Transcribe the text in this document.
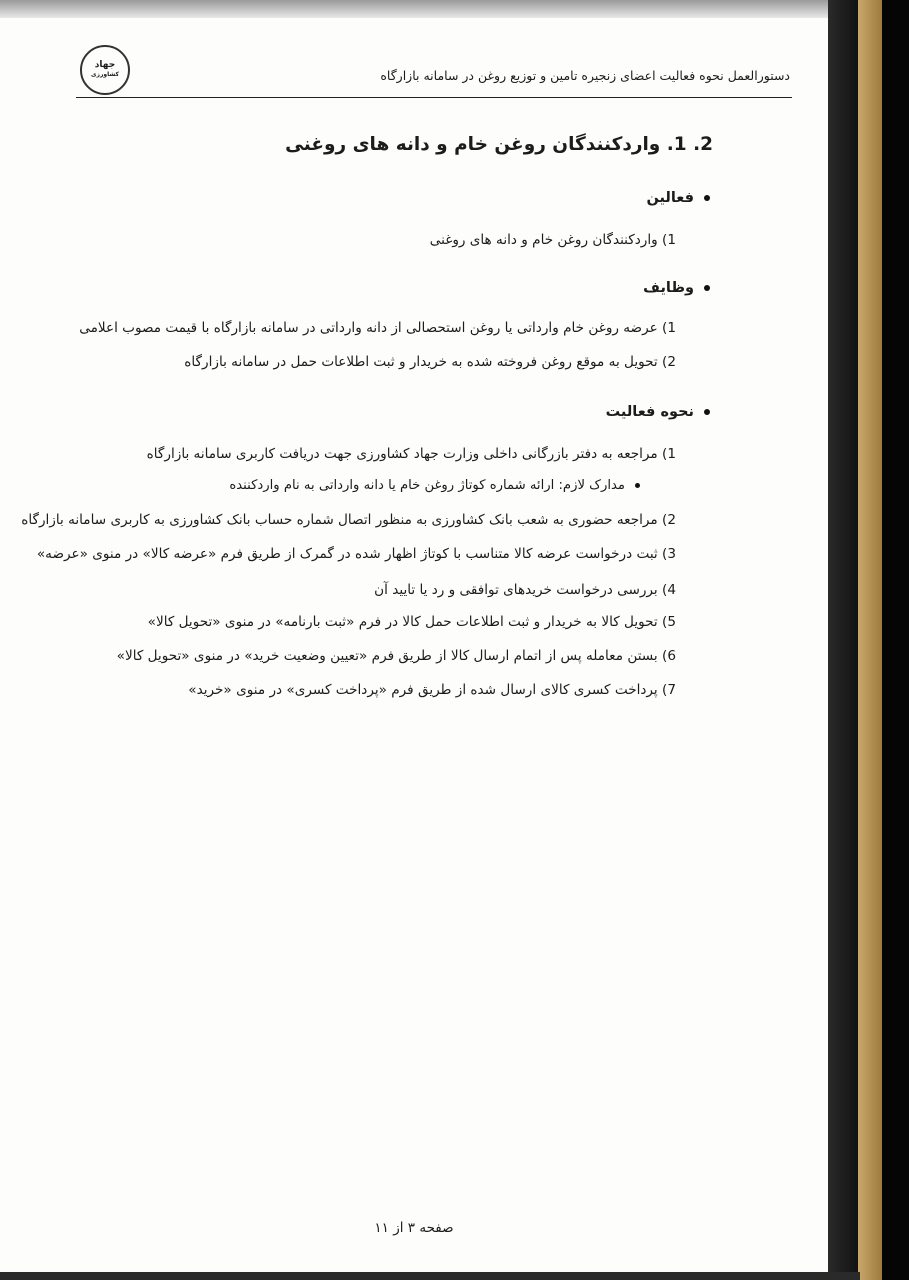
جهاد
کشاورزی	دستورالعمل نحوه فعالیت اعضای زنجیره تامین و توزیع روغن در سامانه بازارگاه
2. 1. واردکنندگان روغن خام و دانه های روغنی
فعالین
1) واردکنندگان روغن خام و دانه های روغنی
وظایف
1) عرضه روغن خام وارداتی یا روغن استحصالی از دانه وارداتی در سامانه بازارگاه با قیمت مصوب اعلامی
2) تحویل به موقع روغن فروخته شده به خریدار و ثبت اطلاعات حمل در سامانه بازارگاه
نحوه فعالیت
1) مراجعه به دفتر بازرگانی داخلی وزارت جهاد کشاورزی جهت دریافت کاربری سامانه بازارگاه
مدارک لازم: ارائه شماره کوتاژ روغن خام یا دانه وارداتی به نام واردکننده
2) مراجعه حضوری به شعب بانک کشاورزی به منظور اتصال شماره حساب بانک کشاورزی به کاربری سامانه بازارگاه
3) ثبت درخواست عرضه کالا متناسب با کوتاژ اظهار شده در گمرک از طریق فرم «عرضه کالا» در منوی «عرضه»
4) بررسی درخواست خریدهای توافقی و رد یا تایید آن
5) تحویل کالا به خریدار و ثبت اطلاعات حمل کالا در فرم «ثبت بارنامه» در منوی «تحویل کالا»
6) بستن معامله پس از اتمام ارسال کالا از طریق فرم «تعیین وضعیت خرید» در منوی «تحویل کالا»
7) پرداخت کسری کالای ارسال شده از طریق فرم «پرداخت کسری» در منوی «خرید»
صفحه ۳ از ۱۱
